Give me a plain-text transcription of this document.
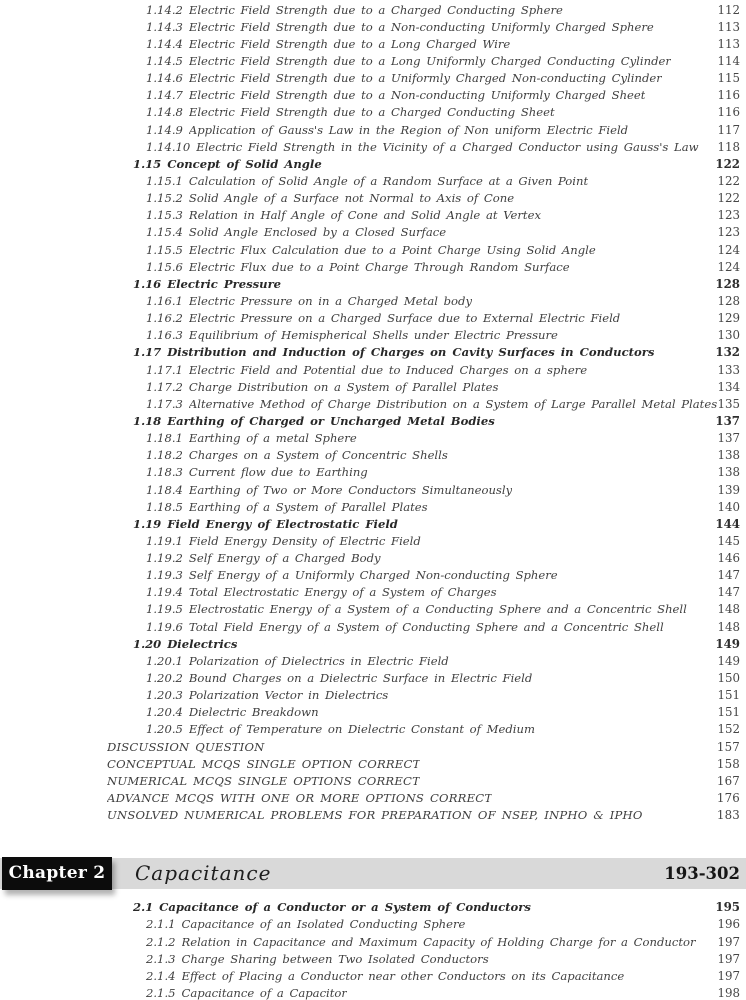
1.14.2 Electric Field Strength due to a Charged Conducting Sphere	112
1.14.3 Electric Field Strength due to a Non-conducting Uniformly Charged Sphere	113
1.14.4 Electric Field Strength due to a Long Charged Wire	113
1.14.5 Electric Field Strength due to a Long Uniformly Charged Conducting Cylinder	114
1.14.6 Electric Field Strength due to a Uniformly Charged Non-conducting Cylinder	115
1.14.7 Electric Field Strength due to a Non-conducting Uniformly Charged Sheet	116
1.14.8 Electric Field Strength due to a Charged Conducting Sheet	116
1.14.9 Application of Gauss's Law in the Region of Non uniform Electric Field	117
1.14.10 Electric Field Strength in the Vicinity of a Charged Conductor using Gauss's Law 118
1.15 Concept of Solid Angle	122
1.15.1 Calculation of Solid Angle of a Random Surface at a Given Point	122
1.15.2 Solid Angle of a Surface not Normal to Axis of Cone	122
1.15.3 Relation in Half Angle of Cone and Solid Angle at Vertex	123
1.15.4 Solid Angle Enclosed by a Closed Surface	123
1.15.5 Electric Flux Calculation due to a Point Charge Using Solid Angle	124
1.15.6 Electric Flux due to a Point Charge Through Random Surface	124
1.16 Electric Pressure	128
1.16.1 Electric Pressure on in a Charged Metal body	128
1.16.2 Electric Pressure on a Charged Surface due to External Electric Field	129
1.16.3 Equilibrium of Hemispherical Shells under Electric Pressure	130
1.17 Distribution and Induction of Charges on Cavity Surfaces in Conductors	132
1.17.1 Electric Field and Potential due to Induced Charges on a sphere	133
1.17.2 Charge Distribution on a System of Parallel Plates	134
1.17.3 Alternative Method of Charge Distribution on a System of Large Parallel Metal Plates 135
1.18 Earthing of Charged or Uncharged Metal Bodies	137
1.18.1 Earthing of a metal Sphere	137
1.18.2 Charges on a System of Concentric Shells	138
1.18.3 Current flow due to Earthing	138
1.18.4 Earthing of Two or More Conductors Simultaneously	139
1.18.5 Earthing of a System of Parallel Plates	140
1.19 Field Energy of Electrostatic Field	144
1.19.1 Field Energy Density of Electric Field	145
1.19.2 Self Energy of a Charged Body	146
1.19.3 Self Energy of a Uniformly Charged Non-conducting Sphere	147
1.19.4 Total Electrostatic Energy of a System of Charges	147
1.19.5 Electrostatic Energy of a System of a Conducting Sphere and a Concentric Shell	148
1.19.6 Total Field Energy of a System of Conducting Sphere and a Concentric Shell	148
1.20 Dielectrics	149
1.20.1 Polarization of Dielectrics in Electric Field	149
1.20.2 Bound Charges on a Dielectric Surface in Electric Field	150
1.20.3 Polarization Vector in Dielectrics	151
1.20.4 Dielectric Breakdown	151
1.20.5 Effect of Temperature on Dielectric Constant of Medium	152
DISCUSSION QUESTION	157
CONCEPTUAL MCQS SINGLE OPTION CORRECT	158
NUMERICAL MCQS SINGLE OPTIONS CORRECT	167
ADVANCE MCQS WITH ONE OR MORE OPTIONS CORRECT	176
UNSOLVED NUMERICAL PROBLEMS FOR PREPARATION OF NSEP, INPHO & IPHO	183
Chapter 2 Capacitance	193-302
2.1 Capacitance of a Conductor or a System of Conductors	195
2.1.1 Capacitance of an Isolated Conducting Sphere	196
2.1.2 Relation in Capacitance and Maximum Capacity of Holding Charge for a Conductor 197
2.1.3 Charge Sharing between Two Isolated Conductors	197
2.1.4 Effect of Placing a Conductor near other Conductors on its Capacitance	197
2.1.5 Capacitance of a Capacitor	198
